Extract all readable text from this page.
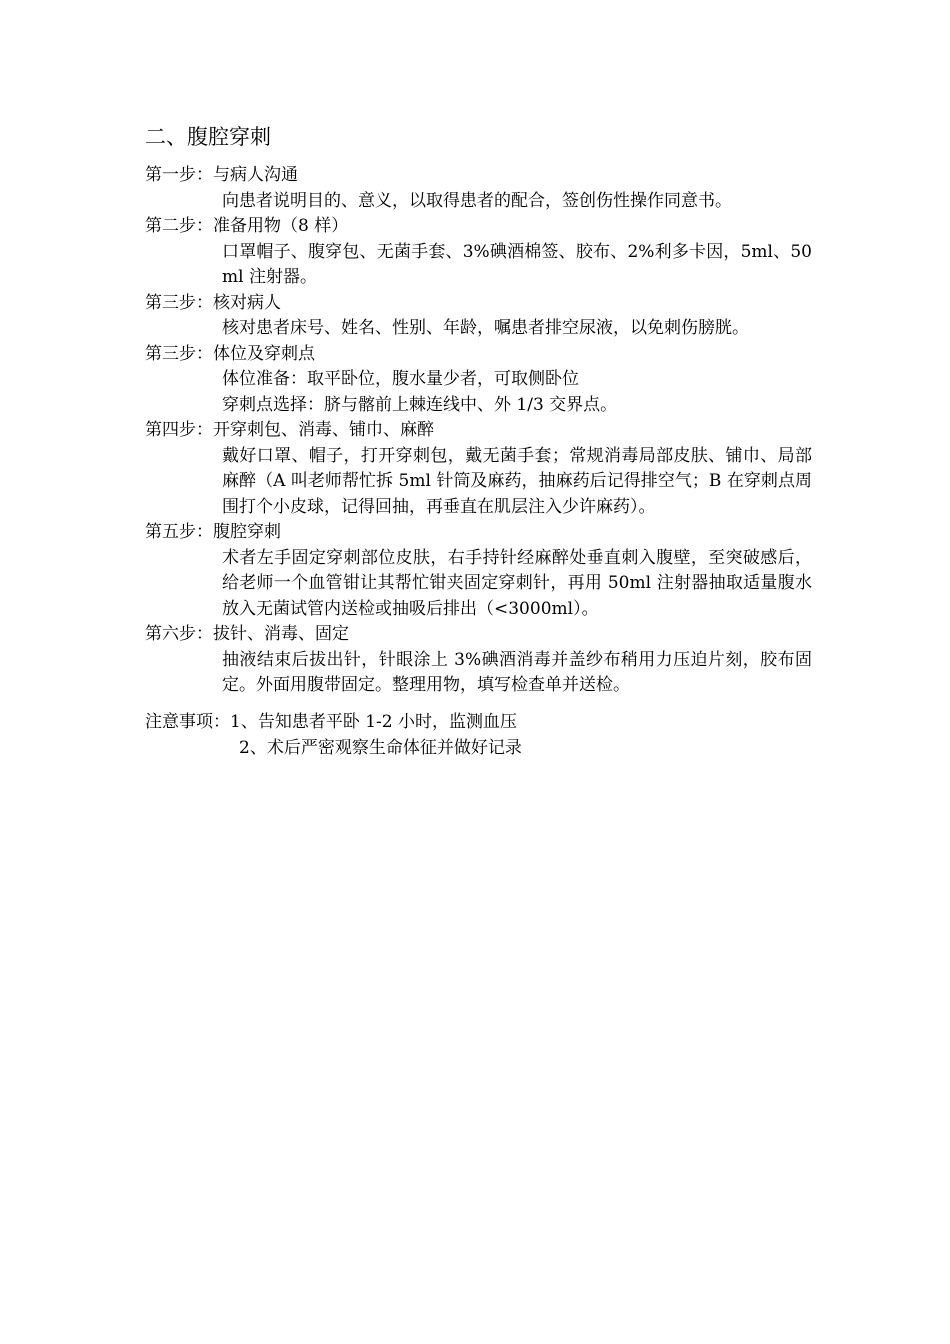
二、腹腔穿刺
第一步：与病人沟通
向患者说明目的、意义，以取得患者的配合，签创伤性操作同意书。
第二步：准备用物（8 样）
口罩帽子、腹穿包、无菌手套、3%碘酒棉签、胶布、2%利多卡因，5ml、50ml 注射器。
第三步：核对病人
核对患者床号、姓名、性别、年龄，嘱患者排空尿液，以免刺伤膀胱。
第三步：体位及穿刺点
体位准备：取平卧位，腹水量少者，可取侧卧位
穿刺点选择：脐与髂前上棘连线中、外 1/3 交界点。
第四步：开穿刺包、消毒、铺巾、麻醉
戴好口罩、帽子，打开穿刺包，戴无菌手套；常规消毒局部皮肤、铺巾、局部麻醉（A 叫老师帮忙拆 5ml 针筒及麻药，抽麻药后记得排空气；B 在穿刺点周围打个小皮球，记得回抽，再垂直在肌层注入少许麻药）。
第五步：腹腔穿刺
术者左手固定穿刺部位皮肤，右手持针经麻醉处垂直刺入腹壁，至突破感后，给老师一个血管钳让其帮忙钳夹固定穿刺针，再用 50ml 注射器抽取适量腹水放入无菌试管内送检或抽吸后排出（<3000ml）。
第六步：拔针、消毒、固定
抽液结束后拔出针，针眼涂上 3%碘酒消毒并盖纱布稍用力压迫片刻，胶布固定。外面用腹带固定。整理用物，填写检查单并送检。
注意事项：1、告知患者平卧 1-2 小时，监测血压
2、术后严密观察生命体征并做好记录
